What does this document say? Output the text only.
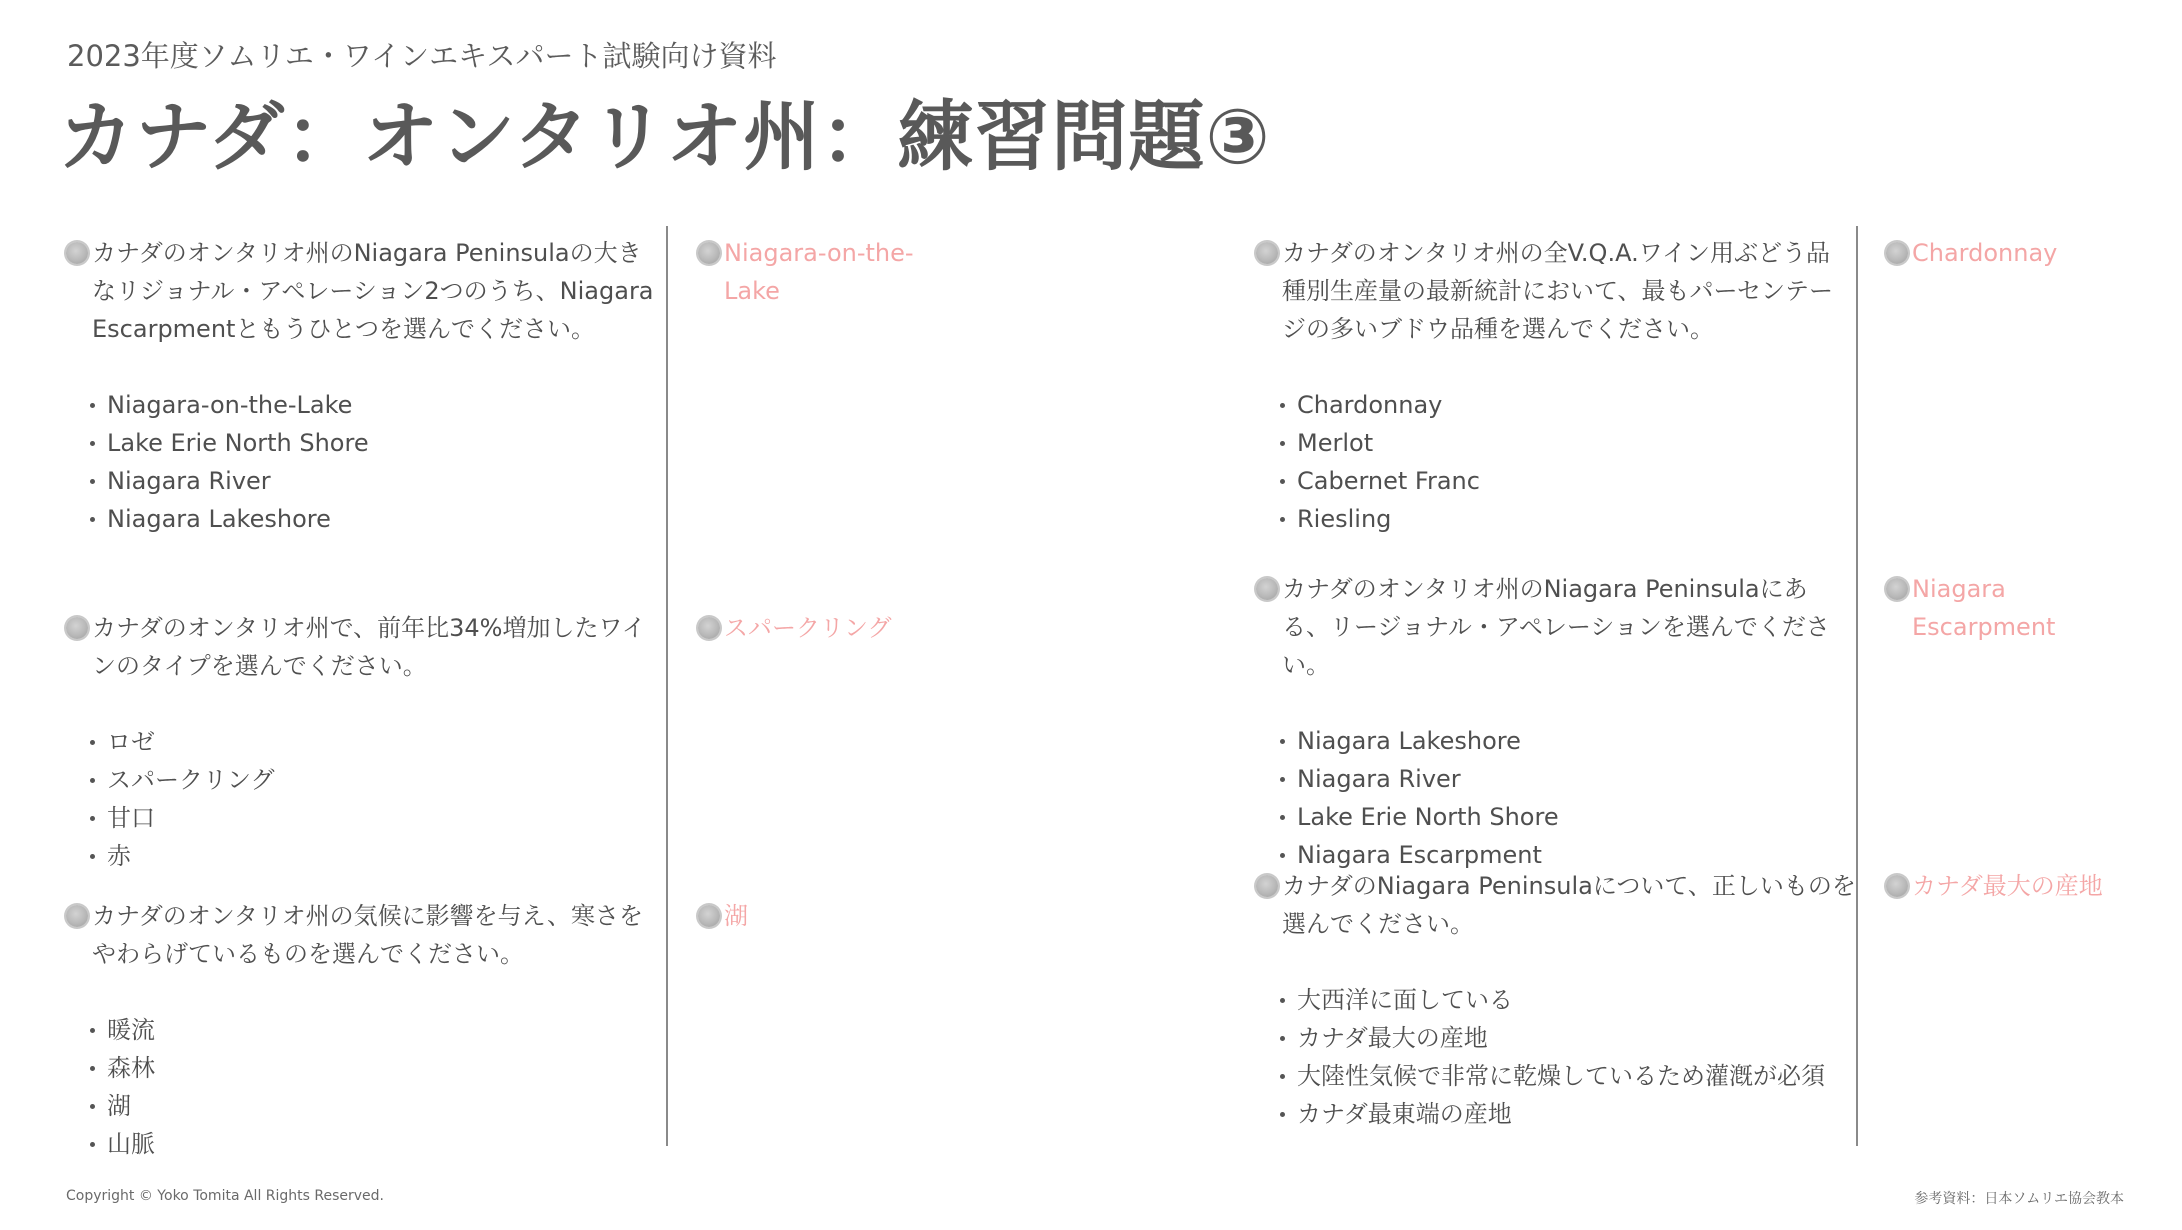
2023年度ソムリエ・ワインエキスパート試験向け資料
カナダ：オンタリオ州：練習問題③

カナダのオンタリオ州のNiagara Peninsulaの大きなリジョナル・アペレーション2つのうち、Niagara Escarpmentともうひとつを選んでください。

Niagara-on-the-Lake
Lake Erie North Shore
Niagara River
Niagara Lakeshore

Niagara-on-the-Lake

カナダのオンタリオ州で、前年比34%増加したワインのタイプを選んでください。

ロゼ
スパークリング
甘口
赤

スパークリング

カナダのオンタリオ州の気候に影響を与え、寒さをやわらげているものを選んでください。

暖流
森林
湖
山脈

湖

カナダのオンタリオ州の全V.Q.A.ワイン用ぶどう品種別生産量の最新統計において、最もパーセンテージの多いブドウ品種を選んでください。

Chardonnay
Merlot
Cabernet Franc
Riesling

Chardonnay

カナダのオンタリオ州のNiagara Peninsulaにある、リージョナル・アペレーションを選んでください。

Niagara Lakeshore
Niagara River
Lake Erie North Shore
Niagara Escarpment

Niagara Escarpment

カナダのNiagara Peninsulaについて、正しいものを選んでください。

大西洋に面している
カナダ最大の産地
大陸性気候で非常に乾燥しているため灌漑が必須
カナダ最東端の産地

カナダ最大の産地

Copyright © Yoko Tomita All Rights Reserved.	参考資料：日本ソムリエ協会教本
